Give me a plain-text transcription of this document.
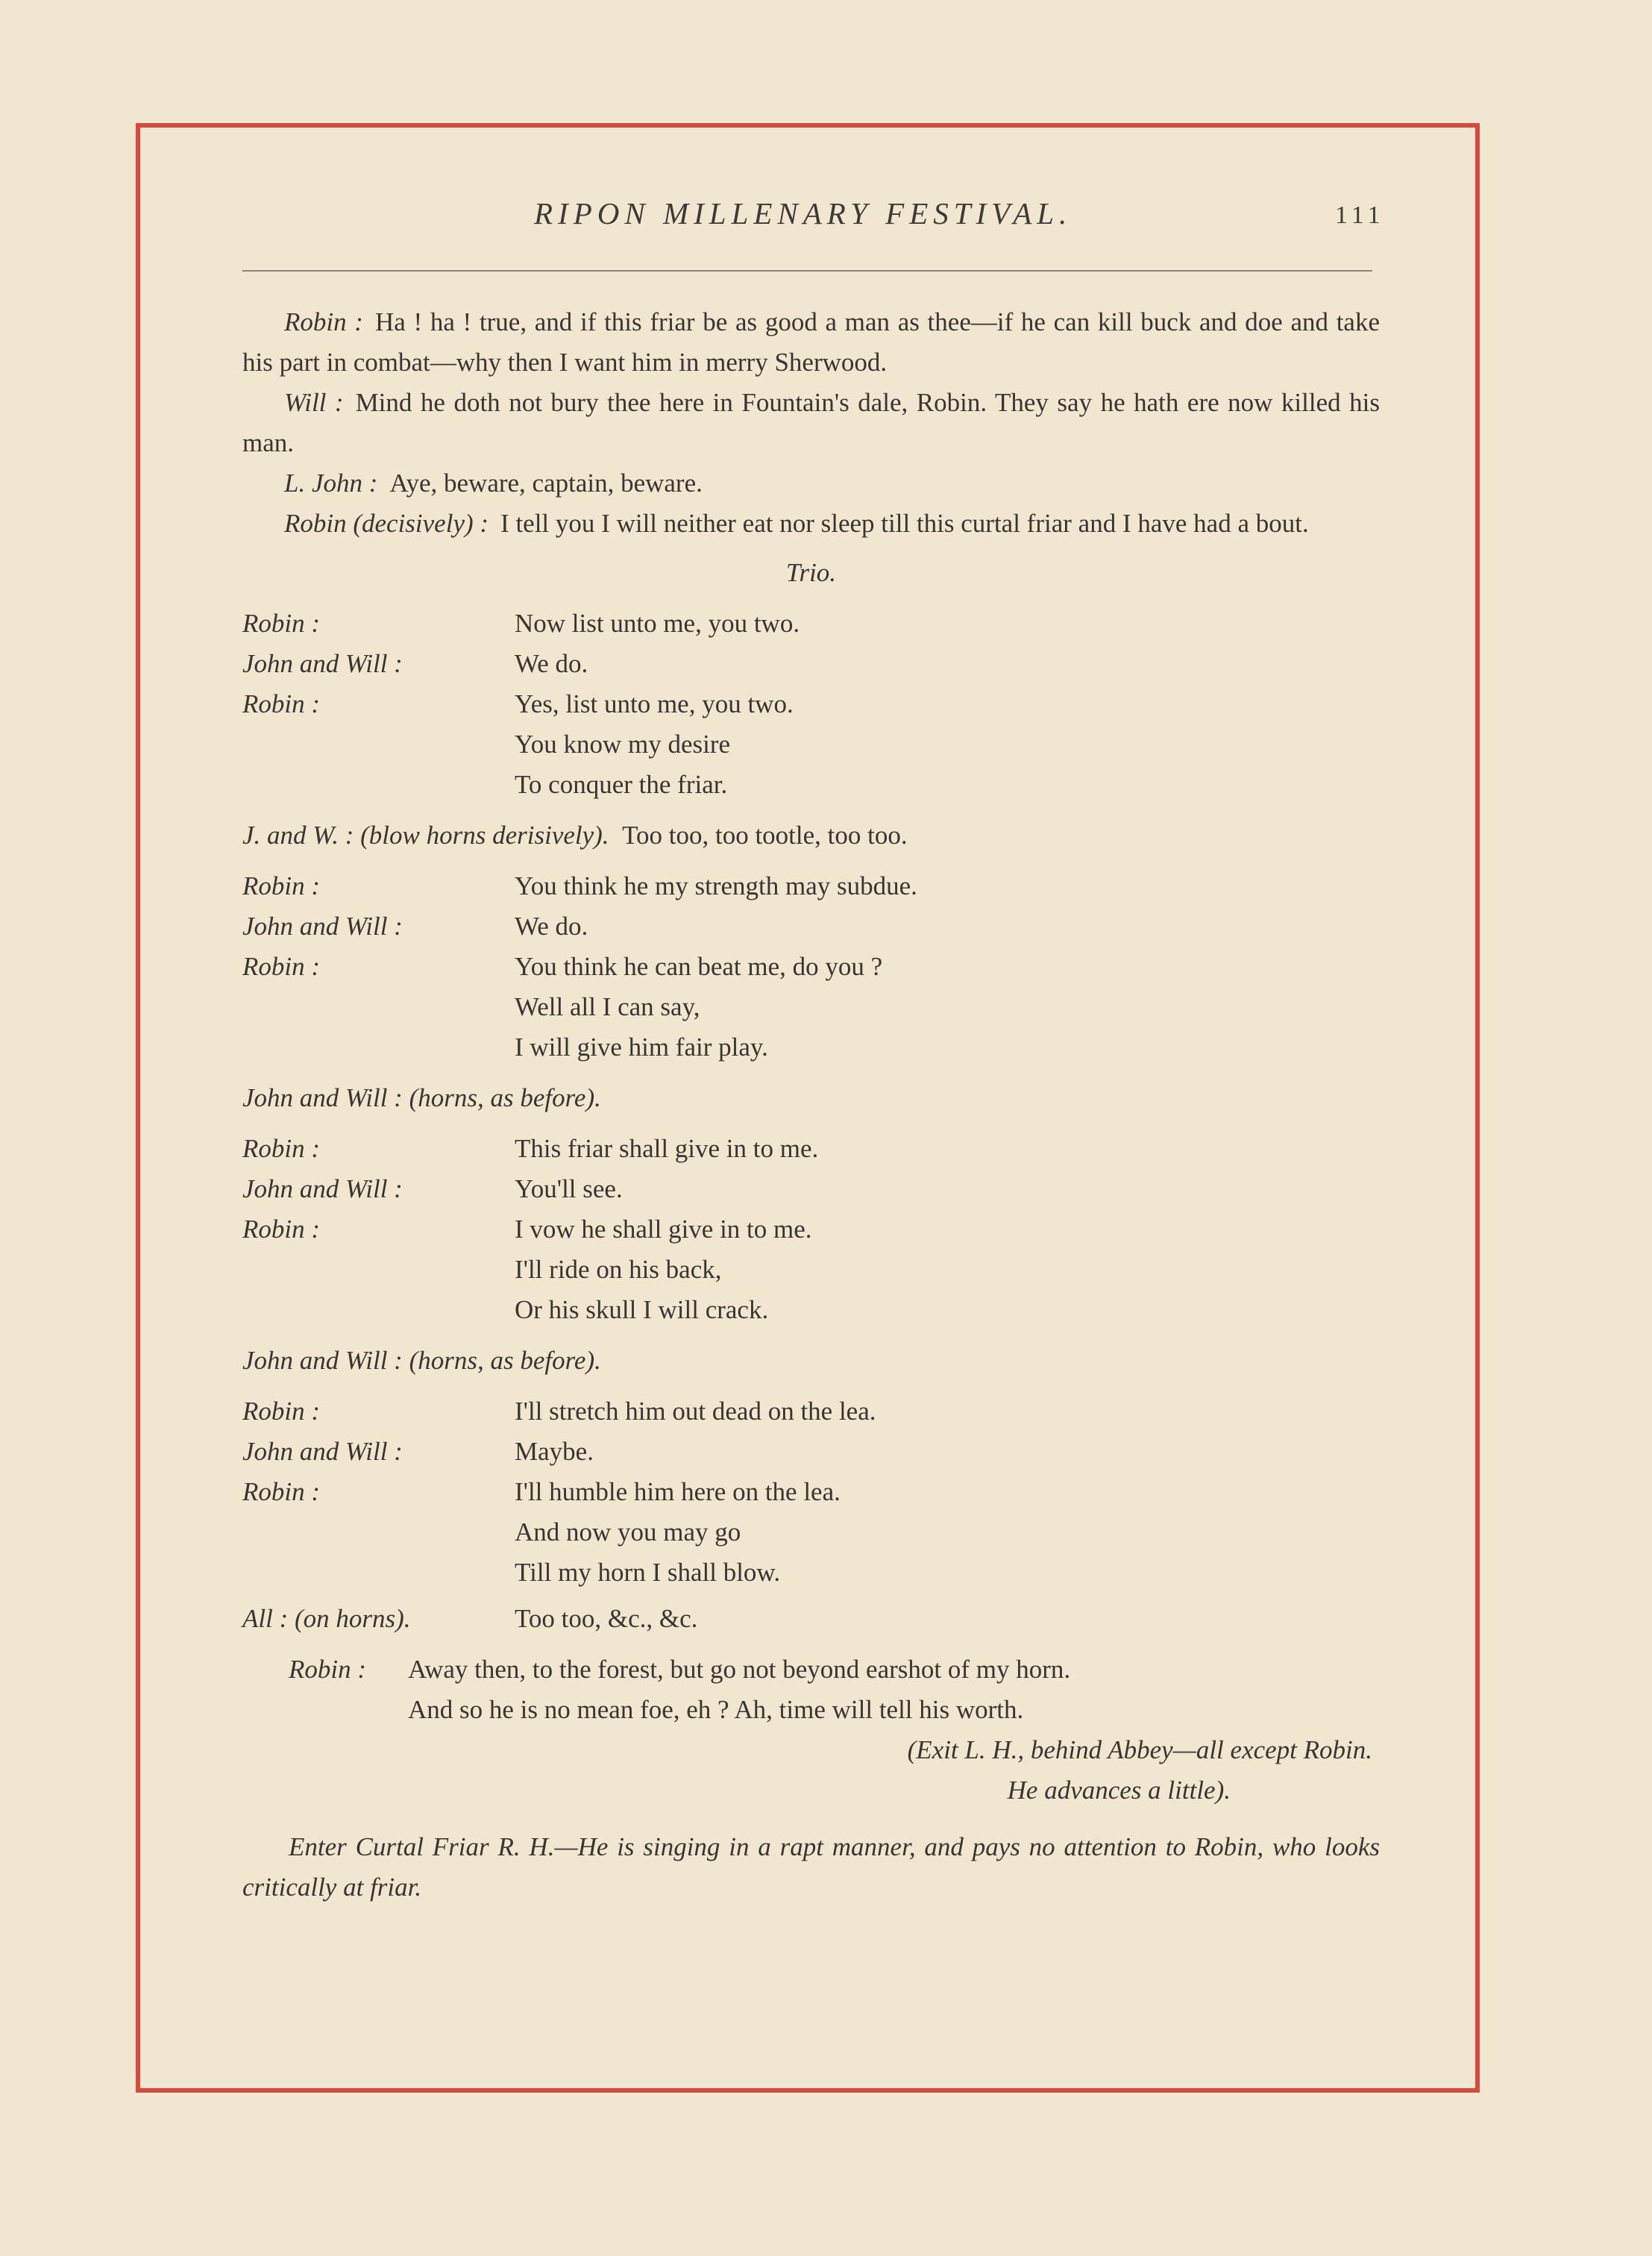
RIPON MILLENARY FESTIVAL.	111

Robin : Ha ! ha ! true, and if this friar be as good a man as thee—if he can kill buck and doe and take his part in combat—why then I want him in merry Sherwood.

Will : Mind he doth not bury thee here in Fountain's dale, Robin. They say he hath ere now killed his man.

L. John : Aye, beware, captain, beware.

Robin (decisively) : I tell you I will neither eat nor sleep till this curtal friar and I have had a bout.

Trio.
Robin :	Now list unto me, you two.
John and Will :	We do.
Robin :	Yes, list unto me, you two.
You know my desire
To conquer the friar.
J. and W. : (blow horns derisively). Too too, too tootle, too too.
Robin :	You think he my strength may subdue.
John and Will :	We do.
Robin :	You think he can beat me, do you ?
Well all I can say,
I will give him fair play.
John and Will : (horns, as before).
Robin :	This friar shall give in to me.
John and Will :	You'll see.
Robin :	I vow he shall give in to me.
I'll ride on his back,
Or his skull I will crack.
John and Will : (horns, as before).
Robin :	I'll stretch him out dead on the lea.
John and Will :	Maybe.
Robin :	I'll humble him here on the lea.
And now you may go
Till my horn I shall blow.
All : (on horns).	Too too, &c., &c.
Robin :	Away then, to the forest, but go not beyond earshot of my horn.
And so he is no mean foe, eh ? Ah, time will tell his worth.
(Exit L. H., behind Abbey—all except Robin.
He advances a little).
Enter Curtal Friar R. H.—He is singing in a rapt manner, and pays no attention to Robin, who looks critically at friar.
